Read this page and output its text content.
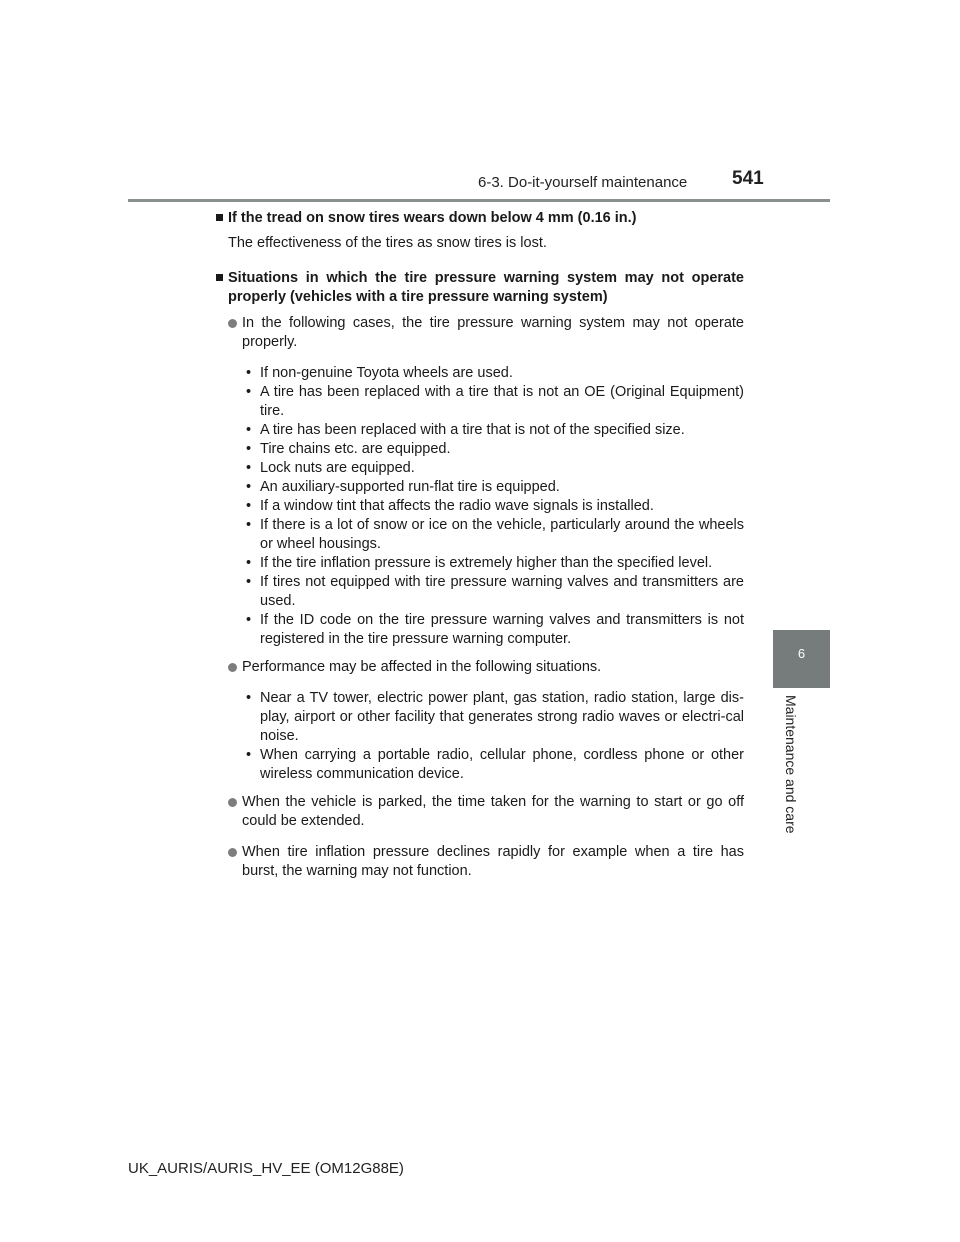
6-3. Do-it-yourself maintenance 541
6
Maintenance and care
If the tread on snow tires wears down below 4 mm (0.16 in.)
The effectiveness of the tires as snow tires is lost.
Situations in which the tire pressure warning system may not operate properly (vehicles with a tire pressure warning system)
In the following cases, the tire pressure warning system may not operate properly.
• If non-genuine Toyota wheels are used.
• A tire has been replaced with a tire that is not an OE (Original Equipment) tire.
• A tire has been replaced with a tire that is not of the specified size.
• Tire chains etc. are equipped.
• Lock nuts are equipped.
• An auxiliary-supported run-flat tire is equipped.
• If a window tint that affects the radio wave signals is installed.
• If there is a lot of snow or ice on the vehicle, particularly around the wheels or wheel housings.
• If the tire inflation pressure is extremely higher than the specified level.
• If tires not equipped with tire pressure warning valves and transmitters are used.
• If the ID code on the tire pressure warning valves and transmitters is not registered in the tire pressure warning computer.
Performance may be affected in the following situations.
• Near a TV tower, electric power plant, gas station, radio station, large dis-play, airport or other facility that generates strong radio waves or electri-cal noise.
• When carrying a portable radio, cellular phone, cordless phone or other wireless communication device.
When the vehicle is parked, the time taken for the warning to start or go off could be extended.
When tire inflation pressure declines rapidly for example when a tire has burst, the warning may not function.
UK_AURIS/AURIS_HV_EE (OM12G88E)
